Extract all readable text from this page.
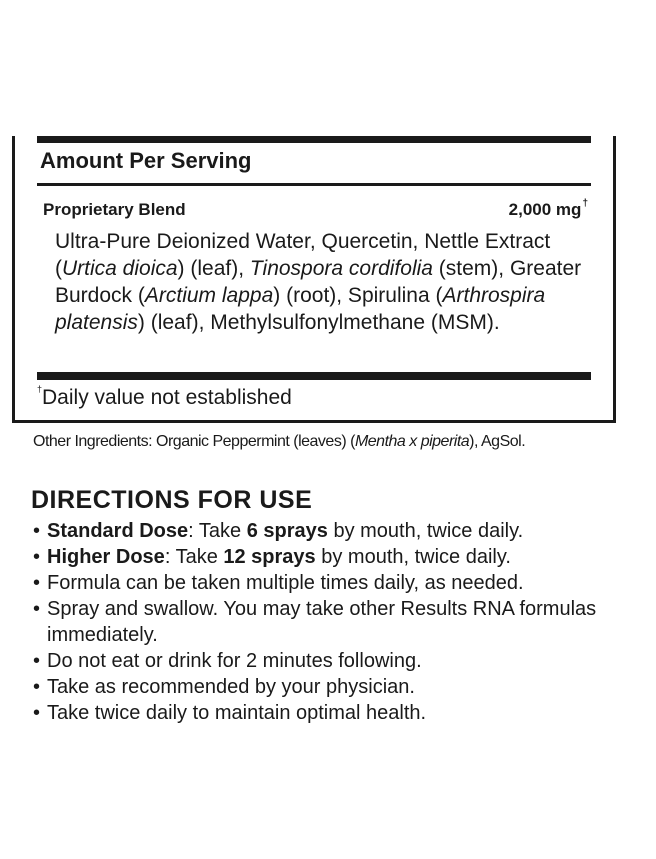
Amount Per Serving
Proprietary Blend	2,000 mg†
Ultra-Pure Deionized Water, Quercetin, Nettle Extract (Urtica dioica) (leaf), Tinospora cordifolia (stem), Greater Burdock (Arctium lappa) (root), Spirulina (Arthrospira platensis) (leaf), Methylsulfonylmethane (MSM).
†Daily value not established
Other Ingredients: Organic Peppermint (leaves) (Mentha x piperita), AgSol.
DIRECTIONS FOR USE
• Standard Dose: Take 6 sprays by mouth, twice daily.
• Higher Dose: Take 12 sprays by mouth, twice daily.
• Formula can be taken multiple times daily, as needed.
• Spray and swallow. You may take other Results RNA formulas immediately.
• Do not eat or drink for 2 minutes following.
• Take as recommended by your physician.
• Take twice daily to maintain optimal health.
